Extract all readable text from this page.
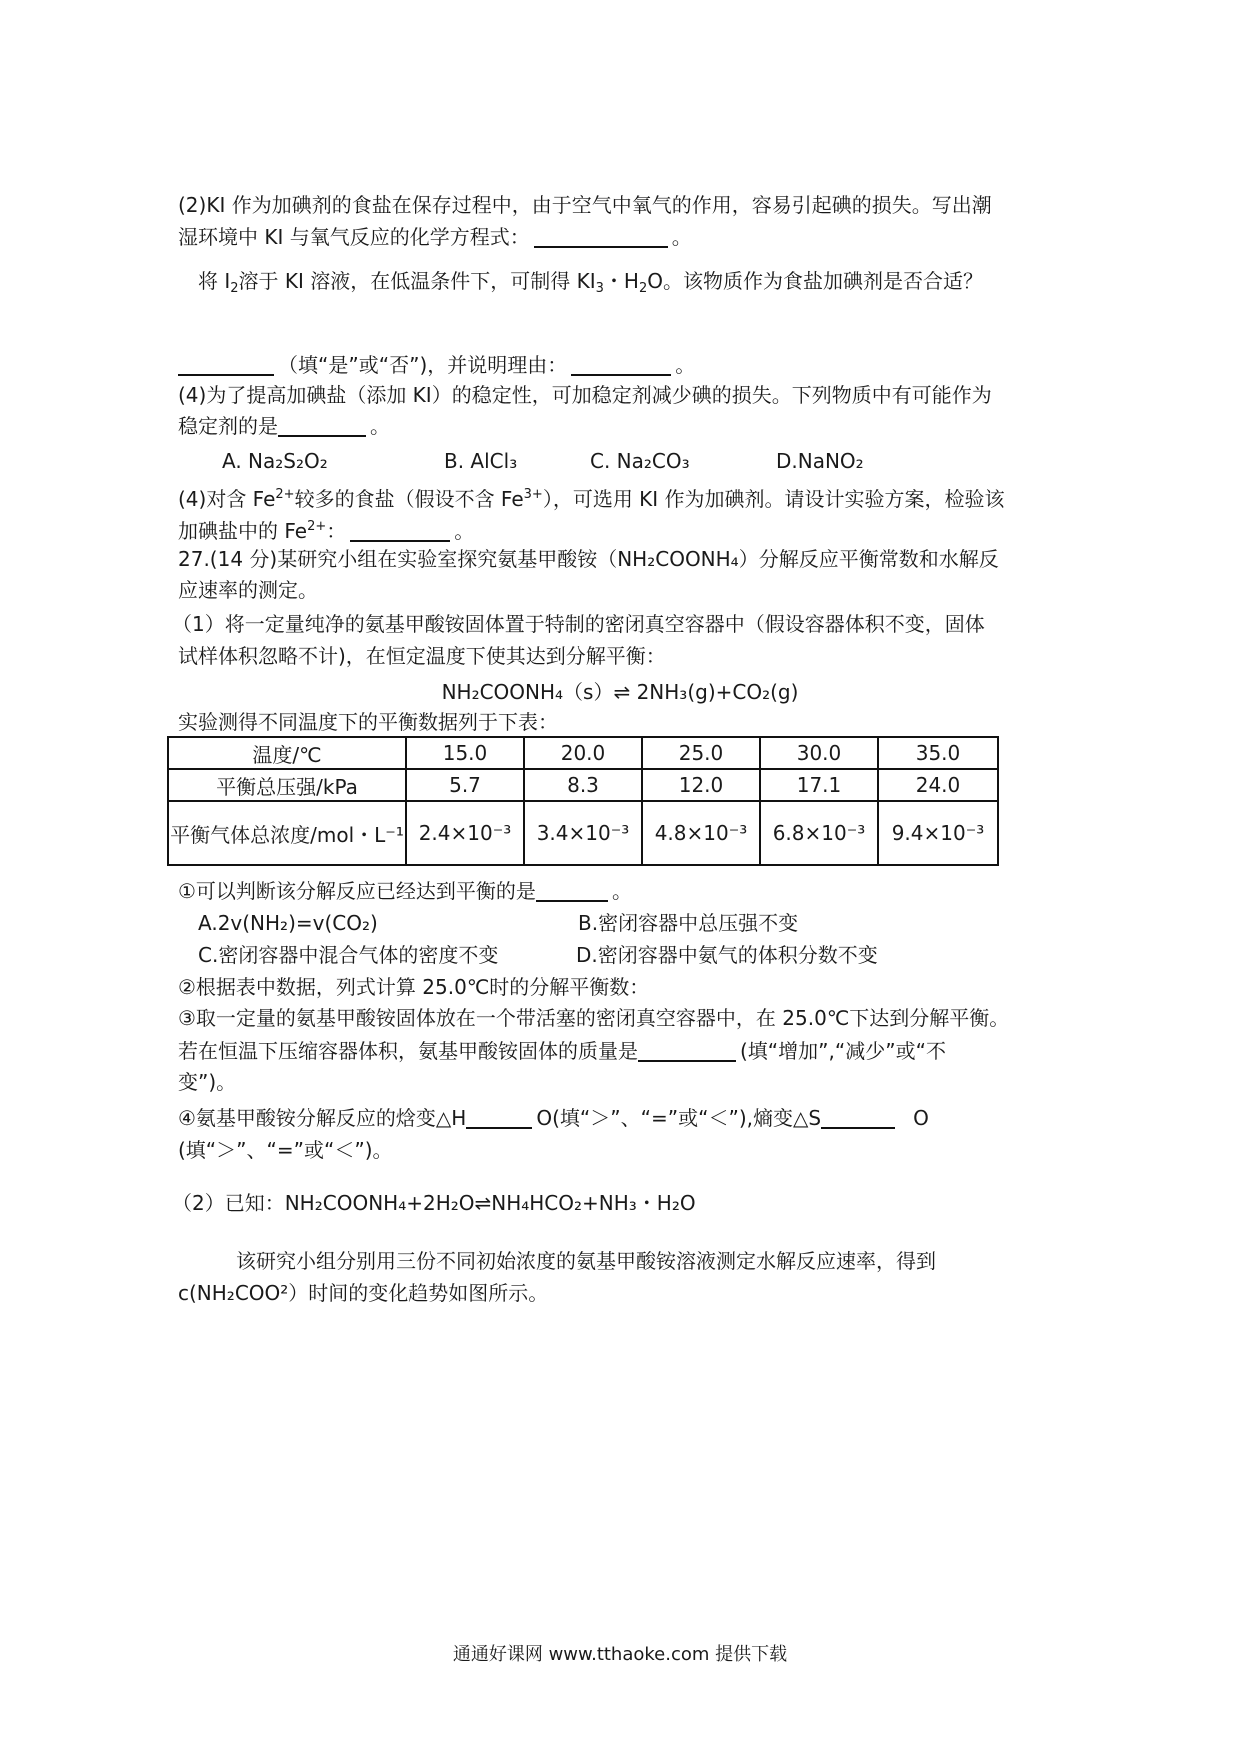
(2)KI 作为加碘剂的食盐在保存过程中，由于空气中氧气的作用，容易引起碘的损失。写出潮
湿环境中 KI 与氧气反应的化学方程式：	。
将 $I_2$溶于 KI 溶液，在低温条件下，可制得 $KI_3$・$H_2O$。该物质作为食盐加碘剂是否合适？
（填“是”或“否”)，并说明理由：	。
(4)为了提高加碘盐（添加 KI）的稳定性，可加稳定剂减少碘的损失。下列物质中有可能作为
稳定剂的是	。
A. Na₂S₂O₂	B. AlCl₃	C. Na₂CO₃	D.NaNO₂
(4)对含 $Fe^{2+}$较多的食盐（假设不含 $Fe^{3+}$），可选用 KI 作为加碘剂。请设计实验方案，检验该
加碘盐中的 $Fe^{2+}$：	。
27.(14 分)某研究小组在实验室探究氨基甲酸铵（NH₂COONH₄）分解反应平衡常数和水解反
应速率的测定。
（1）将一定量纯净的氨基甲酸铵固体置于特制的密闭真空容器中（假设容器体积不变，固体
试样体积忽略不计)，在恒定温度下使其达到分解平衡：
NH₂COONH₄（s）⇌ 2NH₃(g)+CO₂(g)
实验测得不同温度下的平衡数据列于下表：
温度/℃	15.0	20.0	25.0	30.0	35.0
平衡总压强/kPa	5.7	8.3	12.0	17.1	24.0
平衡气体总浓度/mol・L⁻¹	2.4×10⁻³	3.4×10⁻³	4.8×10⁻³	6.8×10⁻³	9.4×10⁻³
①可以判断该分解反应已经达到平衡的是	。
A.2v(NH₂)=v(CO₂)	B.密闭容器中总压强不变
C.密闭容器中混合气体的密度不变	D.密闭容器中氨气的体积分数不变
②根据表中数据，列式计算 25.0℃时的分解平衡数：
③取一定量的氨基甲酸铵固体放在一个带活塞的密闭真空容器中，在 25.0℃下达到分解平衡。
若在恒温下压缩容器体积，氨基甲酸铵固体的质量是	(填“增加”,“减少”或“不
变”)。
④氨基甲酸铵分解反应的焓变△H	O(填“＞”、“=”或“＜”),熵变△S	O
(填“＞”、“=”或“＜”)。
（2）已知：NH₂COONH₄+2H₂O⇌NH₄HCO₂+NH₃・H₂O
该研究小组分别用三份不同初始浓度的氨基甲酸铵溶液测定水解反应速率，得到
c(NH₂COO²）时间的变化趋势如图所示。
通通好课网 www.tthaoke.com 提供下载
